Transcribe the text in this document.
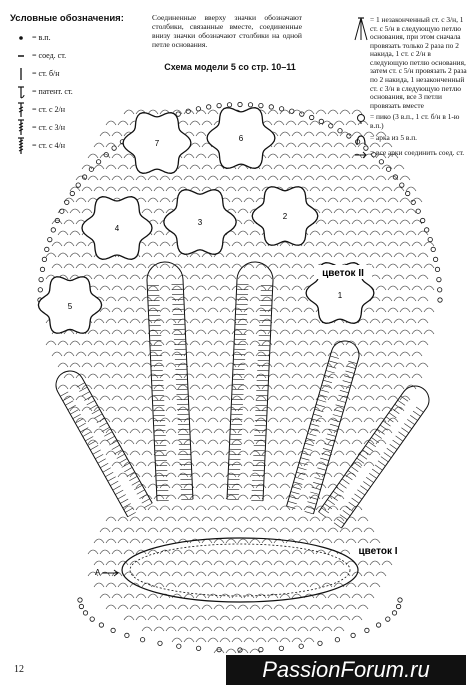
Условные обозначения:
= в.п.
= соед. ст.
= ст. б/н
= патент. ст.
= ст. с 2/н
= ст. с 3/н
= ст. с 4/н
Соединенные вверху значки обозначают столбики, связанные вместе, соединенные внизу значки обозначают столбики на одной петле основания.
Схема модели 5 со стр. 10–11
= 1 незаконченный ст. с 3/н, 1 ст. с 5/н в следующую петлю основания, при этом сначала провязать только 2 раза по 2 накида, 1 ст. с 2/н в следующую петлю основания, затем ст. с 5/н провязать 2 раза по 2 накида, 1 незаконченный ст. с 3/н в следующую петлю основания, все 3 петли провязать вместе
= пико (3 в.п., 1 ст. б/н в 1-ю в.п.)
= арка из 5 в.п.
= все арки соединить соед. ст.
1
2
3
4
5
6
7
цветок II
цветок I
A
12	PassionForum.ru
